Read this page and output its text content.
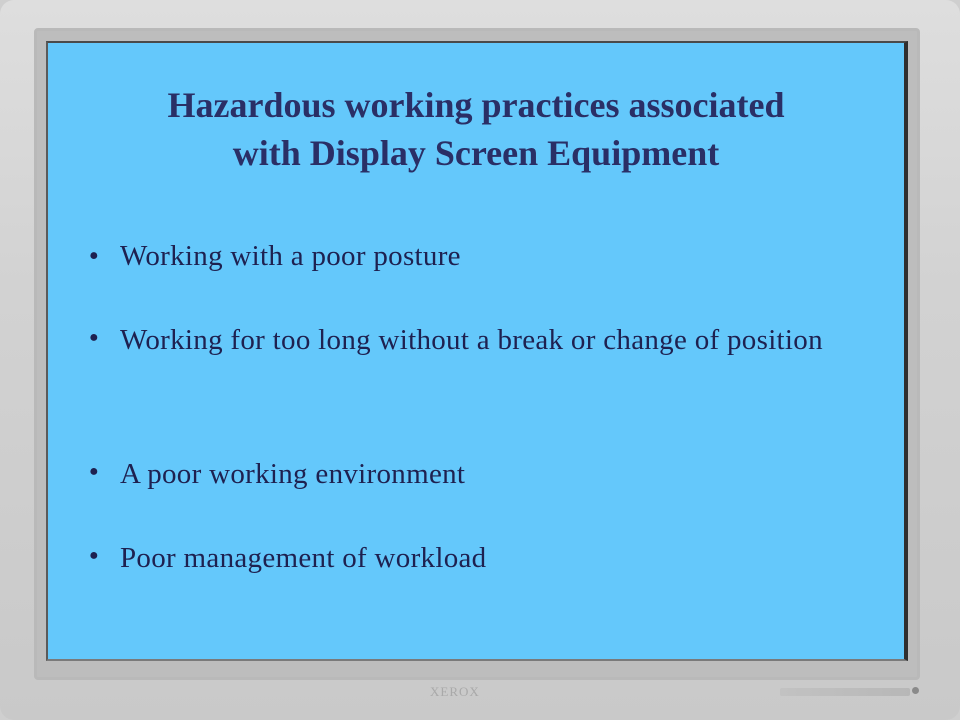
Hazardous working practices associated
with Display Screen Equipment
• Working with a poor posture
● Working for too long without a break or change of position
● A poor working environment
● Poor management of workload
XEROX
